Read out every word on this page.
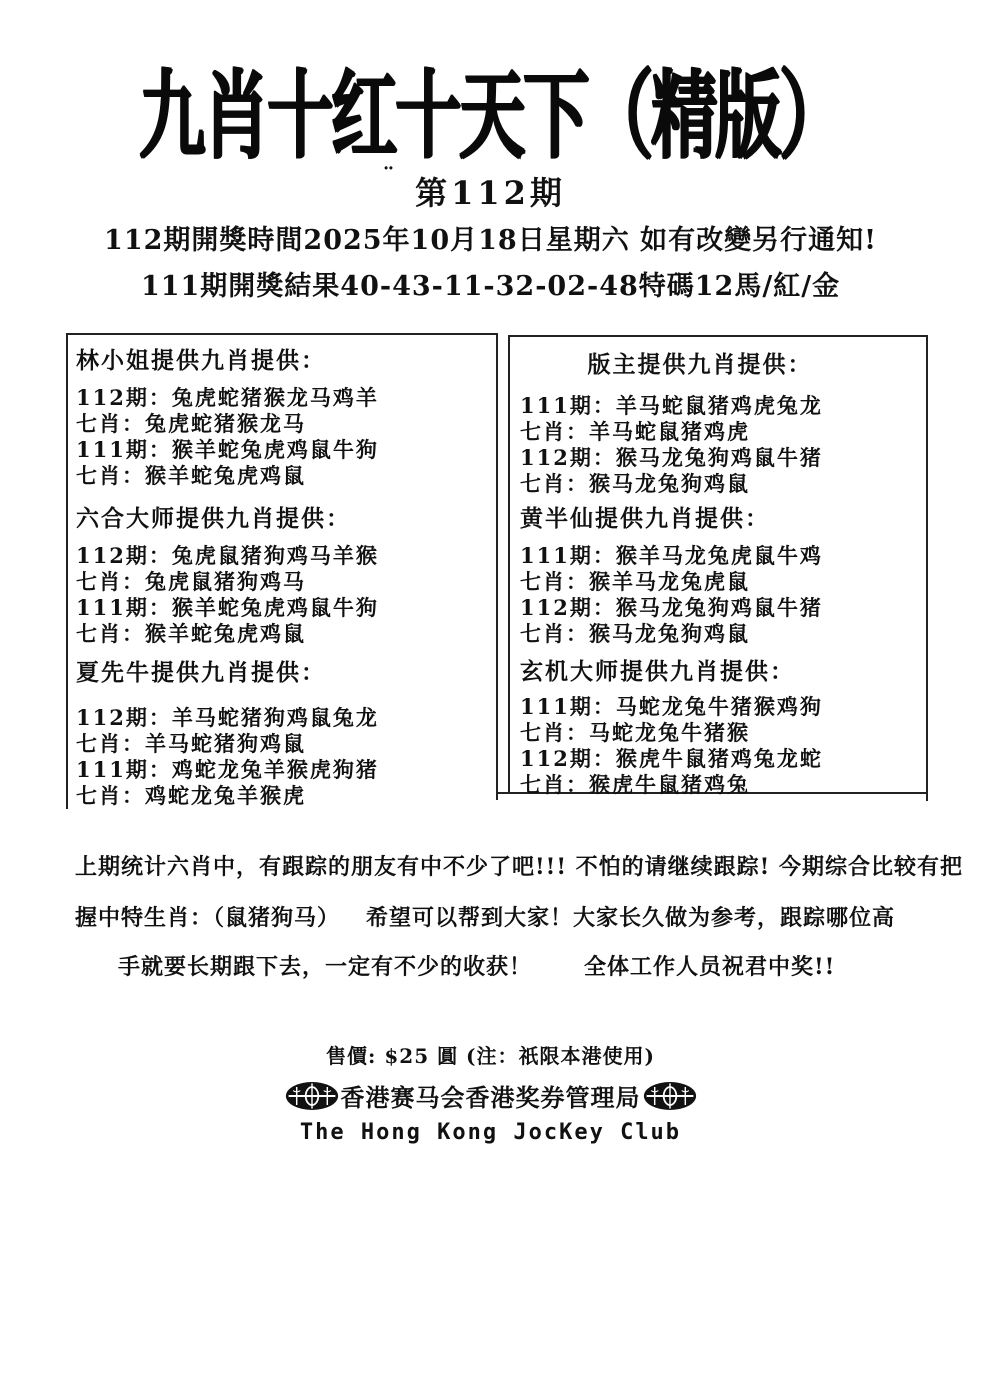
九肖十红十天下（精版）
¨ 第112期
112期開獎時間2025年10月18日星期六 如有改變另行通知!
111期開獎結果40-43-11-32-02-48特碼12馬/紅/金
林小姐提供九肖提供：
112期：兔虎蛇猪猴龙马鸡羊
七肖：兔虎蛇猪猴龙马
111期：猴羊蛇兔虎鸡鼠牛狗
七肖：猴羊蛇兔虎鸡鼠
六合大师提供九肖提供：
112期：兔虎鼠猪狗鸡马羊猴
七肖：兔虎鼠猪狗鸡马
111期：猴羊蛇兔虎鸡鼠牛狗
七肖：猴羊蛇兔虎鸡鼠
夏先牛提供九肖提供：
112期：羊马蛇猪狗鸡鼠兔龙
七肖：羊马蛇猪狗鸡鼠
111期：鸡蛇龙兔羊猴虎狗猪
七肖：鸡蛇龙兔羊猴虎
版主提供九肖提供：
111期：羊马蛇鼠猪鸡虎兔龙
七肖：羊马蛇鼠猪鸡虎
112期：猴马龙兔狗鸡鼠牛猪
七肖：猴马龙兔狗鸡鼠
黄半仙提供九肖提供：
111期：猴羊马龙兔虎鼠牛鸡
七肖：猴羊马龙兔虎鼠
112期：猴马龙兔狗鸡鼠牛猪
七肖：猴马龙兔狗鸡鼠
玄机大师提供九肖提供：
111期：马蛇龙兔牛猪猴鸡狗
七肖：马蛇龙兔牛猪猴
112期：猴虎牛鼠猪鸡兔龙蛇
七肖：猴虎牛鼠猪鸡兔
上期统计六肖中，有跟踪的朋友有中不少了吧!!! 不怕的请继续跟踪! 今期综合比较有把
握中特生肖：（鼠猪狗马）   希望可以帮到大家！大家长久做为参考，跟踪哪位高
手就要长期跟下去，一定有不少的收获！      全体工作人员祝君中奖!!
售價: $25 圓 (注：祇限本港使用)
香港赛马会香港奖券管理局
The Hong Kong JocKey Club
